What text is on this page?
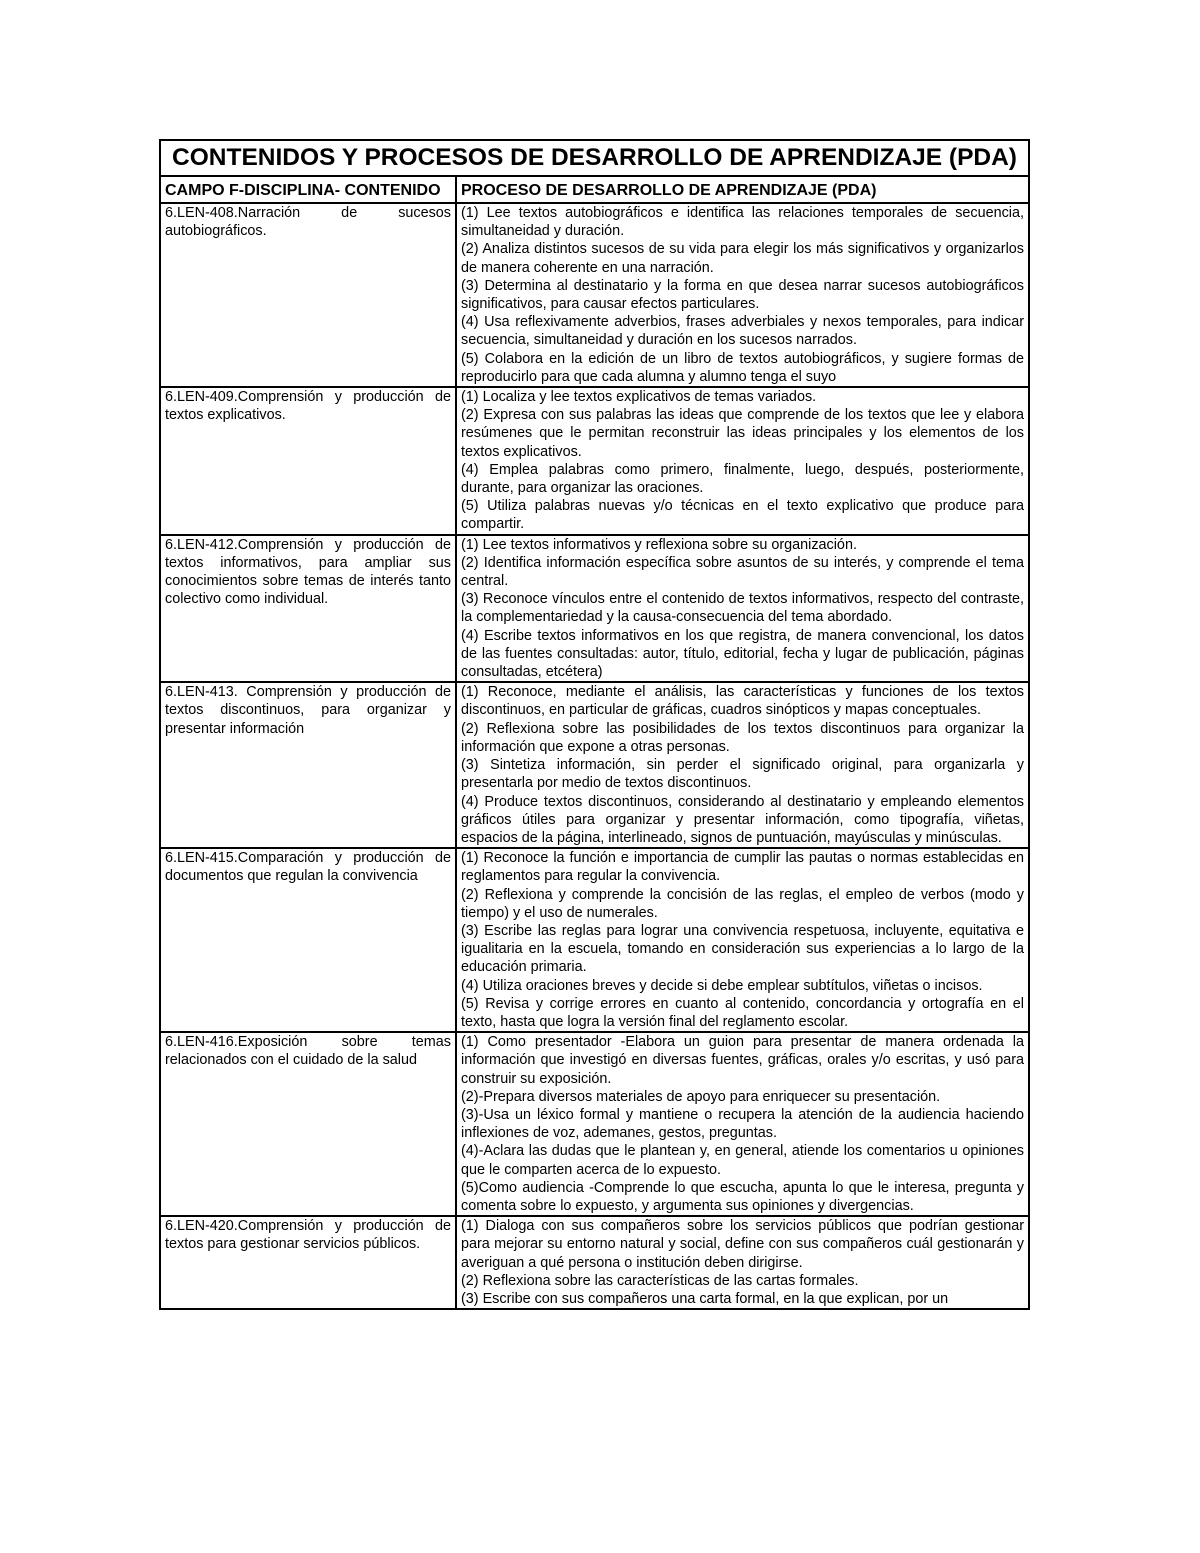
CONTENIDOS Y PROCESOS DE DESARROLLO DE APRENDIZAJE (PDA)	
CAMPO F-DISCIPLINA- CONTENIDO	PROCESO DE DESARROLLO DE APRENDIZAJE (PDA)
6.LEN-408.Narración de sucesos autobiográficos.	(1) Lee textos autobiográficos e identifica las relaciones temporales de secuencia, simultaneidad y duración.

(2) Analiza distintos sucesos de su vida para elegir los más significativos y organizarlos de manera coherente en una narración.

(3) Determina al destinatario y la forma en que desea narrar sucesos autobiográficos significativos, para causar efectos particulares.

(4) Usa reflexivamente adverbios, frases adverbiales y nexos temporales, para indicar secuencia, simultaneidad y duración en los sucesos narrados.

(5) Colabora en la edición de un libro de textos autobiográficos, y sugiere formas de reproducirlo para que cada alumna y alumno tenga el suyo

6.LEN-409.Comprensión y producción de textos explicativos.	(1) Localiza y lee textos explicativos de temas variados.

(2) Expresa con sus palabras las ideas que comprende de los textos que lee y elabora resúmenes que le permitan reconstruir las ideas principales y los elementos de los textos explicativos.

(4) Emplea palabras como primero, finalmente, luego, después, posteriormente, durante, para organizar las oraciones.

(5) Utiliza palabras nuevas y/o técnicas en el texto explicativo que produce para compartir.

6.LEN-412.Comprensión y producción de textos informativos, para ampliar sus conocimientos sobre temas de interés tanto colectivo como individual.	(1) Lee textos informativos y reflexiona sobre su organización.

(2) Identifica información específica sobre asuntos de su interés, y comprende el tema central.

(3) Reconoce vínculos entre el contenido de textos informativos, respecto del contraste, la complementariedad y la causa-consecuencia del tema abordado.

(4) Escribe textos informativos en los que registra, de manera convencional, los datos de las fuentes consultadas: autor, título, editorial, fecha y lugar de publicación, páginas consultadas, etcétera)

6.LEN-413. Comprensión y producción de textos discontinuos, para organizar y presentar información	(1) Reconoce, mediante el análisis, las características y funciones de los textos discontinuos, en particular de gráficas, cuadros sinópticos y mapas conceptuales.

(2) Reflexiona sobre las posibilidades de los textos discontinuos para organizar la información que expone a otras personas.

(3) Sintetiza información, sin perder el significado original, para organizarla y presentarla por medio de textos discontinuos.

(4) Produce textos discontinuos, considerando al destinatario y empleando elementos gráficos útiles para organizar y presentar información, como tipografía, viñetas, espacios de la página, interlineado, signos de puntuación, mayúsculas y minúsculas.

6.LEN-415.Comparación y producción de documentos que regulan la convivencia	(1) Reconoce la función e importancia de cumplir las pautas o normas establecidas en reglamentos para regular la convivencia.

(2) Reflexiona y comprende la concisión de las reglas, el empleo de verbos (modo y tiempo) y el uso de numerales.

(3) Escribe las reglas para lograr una convivencia respetuosa, incluyente, equitativa e igualitaria en la escuela, tomando en consideración sus experiencias a lo largo de la educación primaria.

(4) Utiliza oraciones breves y decide si debe emplear subtítulos, viñetas o incisos.

(5) Revisa y corrige errores en cuanto al contenido, concordancia y ortografía en el texto, hasta que logra la versión final del reglamento escolar.

6.LEN-416.Exposición sobre temas relacionados con el cuidado de la salud	(1) Como presentador -Elabora un guion para presentar de manera ordenada la información que investigó en diversas fuentes, gráficas, orales y/o escritas, y usó para construir su exposición.

(2)-Prepara diversos materiales de apoyo para enriquecer su presentación.

(3)-Usa un léxico formal y mantiene o recupera la atención de la audiencia haciendo inflexiones de voz, ademanes, gestos, preguntas.

(4)-Aclara las dudas que le plantean y, en general, atiende los comentarios u opiniones que le comparten acerca de lo expuesto.

(5)Como audiencia -Comprende lo que escucha, apunta lo que le interesa, pregunta y comenta sobre lo expuesto, y argumenta sus opiniones y divergencias.

6.LEN-420.Comprensión y producción de textos para gestionar servicios públicos.	(1) Dialoga con sus compañeros sobre los servicios públicos que podrían gestionar para mejorar su entorno natural y social, define con sus compañeros cuál gestionarán y averiguan a qué persona o institución deben dirigirse.

(2) Reflexiona sobre las características de las cartas formales.

(3) Escribe con sus compañeros una carta formal, en la que explican, por un
